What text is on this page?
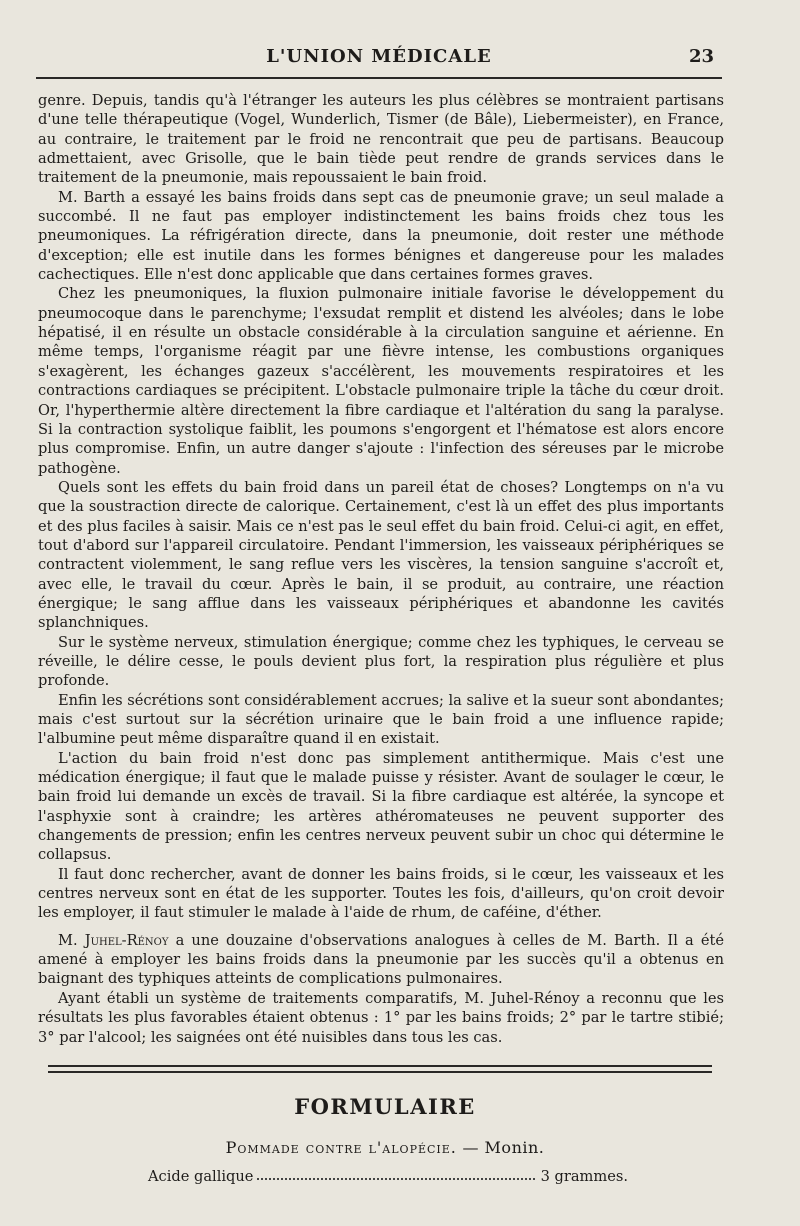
L'UNION MÉDICALE	23

genre. Depuis, tandis qu'à l'étranger les auteurs les plus célèbres se montraient partisans d'une telle thérapeutique (Vogel, Wunderlich, Tismer (de Bâle), Liebermeister), en France, au contraire, le traitement par le froid ne rencontrait que peu de partisans. Beaucoup admettaient, avec Grisolle, que le bain tiède peut rendre de grands services dans le traitement de la pneumonie, mais repoussaient le bain froid.

M. Barth a essayé les bains froids dans sept cas de pneumonie grave; un seul malade a succombé. Il ne faut pas employer indistinctement les bains froids chez tous les pneumoniques. La réfrigération directe, dans la pneumonie, doit rester une méthode d'exception; elle est inutile dans les formes bénignes et dangereuse pour les malades cachectiques. Elle n'est donc applicable que dans certaines formes graves.

Chez les pneumoniques, la fluxion pulmonaire initiale favorise le développement du pneumocoque dans le parenchyme; l'exsudat remplit et distend les alvéoles; dans le lobe hépatisé, il en résulte un obstacle considérable à la circulation sanguine et aérienne. En même temps, l'organisme réagit par une fièvre intense, les combustions organiques s'exagèrent, les échanges gazeux s'accélèrent, les mouvements respiratoires et les contractions cardiaques se précipitent. L'obstacle pulmonaire triple la tâche du cœur droit. Or, l'hyperthermie altère directement la fibre cardiaque et l'altération du sang la paralyse. Si la contraction systolique faiblit, les poumons s'engorgent et l'hématose est alors encore plus compromise. Enfin, un autre danger s'ajoute : l'infection des séreuses par le microbe pathogène.

Quels sont les effets du bain froid dans un pareil état de choses? Longtemps on n'a vu que la soustraction directe de calorique. Certainement, c'est là un effet des plus importants et des plus faciles à saisir. Mais ce n'est pas le seul effet du bain froid. Celui-ci agit, en effet, tout d'abord sur l'appareil circulatoire. Pendant l'immersion, les vaisseaux périphériques se contractent violemment, le sang reflue vers les viscères, la tension sanguine s'accroît et, avec elle, le travail du cœur. Après le bain, il se produit, au contraire, une réaction énergique; le sang afflue dans les vaisseaux périphériques et abandonne les cavités splanchniques.

Sur le système nerveux, stimulation énergique; comme chez les typhiques, le cerveau se réveille, le délire cesse, le pouls devient plus fort, la respiration plus régulière et plus profonde.

Enfin les sécrétions sont considérablement accrues; la salive et la sueur sont abondantes; mais c'est surtout sur la sécrétion urinaire que le bain froid a une influence rapide; l'albumine peut même disparaître quand il en existait.

L'action du bain froid n'est donc pas simplement antithermique. Mais c'est une médication énergique; il faut que le malade puisse y résister. Avant de soulager le cœur, le bain froid lui demande un excès de travail. Si la fibre cardiaque est altérée, la syncope et l'asphyxie sont à craindre; les artères athéromateuses ne peuvent supporter des changements de pression; enfin les centres nerveux peuvent subir un choc qui détermine le collapsus.

Il faut donc rechercher, avant de donner les bains froids, si le cœur, les vaisseaux et les centres nerveux sont en état de les supporter. Toutes les fois, d'ailleurs, qu'on croit devoir les employer, il faut stimuler le malade à l'aide de rhum, de caféine, d'éther.

M. Juhel-Rénoy a une douzaine d'observations analogues à celles de M. Barth. Il a été amené à employer les bains froids dans la pneumonie par les succès qu'il a obtenus en baignant des typhiques atteints de complications pulmonaires.

Ayant établi un système de traitements comparatifs, M. Juhel-Rénoy a reconnu que les résultats les plus favorables étaient obtenus : 1° par les bains froids; 2° par le tartre stibié; 3° par l'alcool; les saignées ont été nuisibles dans tous les cas.

FORMULAIRE
Pommade contre l'alopécie. — Monin.
Acide gallique	3 grammes.
